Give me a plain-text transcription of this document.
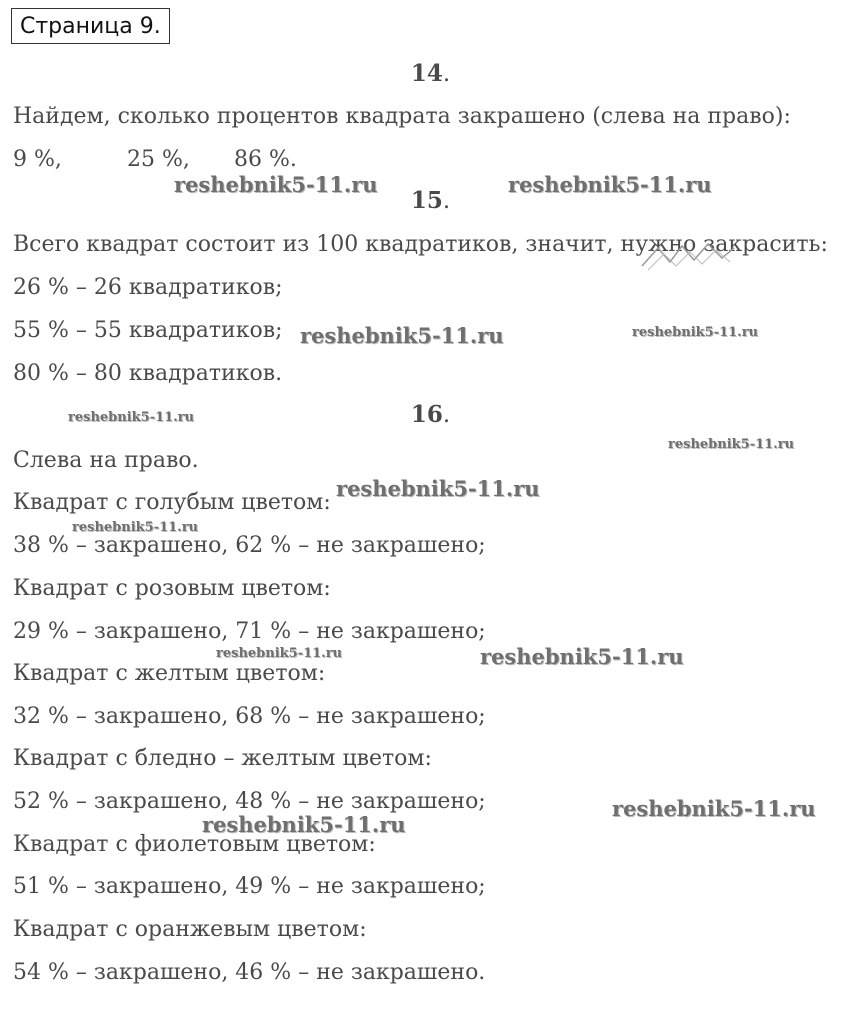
Страница 9.
14.
Найдем, сколько процентов квадрата закрашено (слева на право):
9 %,	25 %, 86 %.
15.
Всего квадрат состоит из 100 квадратиков, значит, нужно закрасить:
26 % – 26 квадратиков;
55 % – 55 квадратиков;
80 % – 80 квадратиков.
16.
Слева на право.
Квадрат с голубым цветом:
38 % – закрашено, 62 % – не закрашено;
Квадрат с розовым цветом:
29 % – закрашено, 71 % – не закрашено;
Квадрат с желтым цветом:
32 % – закрашено, 68 % – не закрашено;
Квадрат с бледно – желтым цветом:
52 % – закрашено, 48 % – не закрашено;
Квадрат с фиолетовым цветом:
51 % – закрашено, 49 % – не закрашено;
Квадрат с оранжевым цветом:
54 % – закрашено, 46 % – не закрашено.
reshebnik5-11.ru	reshebnik5-11.ru
reshebnik5-11.ru	reshebnik5-11.ru
reshebnik5-11.ru
reshebnik5-11.ru
reshebnik5-11.ru
reshebnik5-11.ru
reshebnik5-11.ru	reshebnik5-11.ru
reshebnik5-11.ru
reshebnik5-11.ru
